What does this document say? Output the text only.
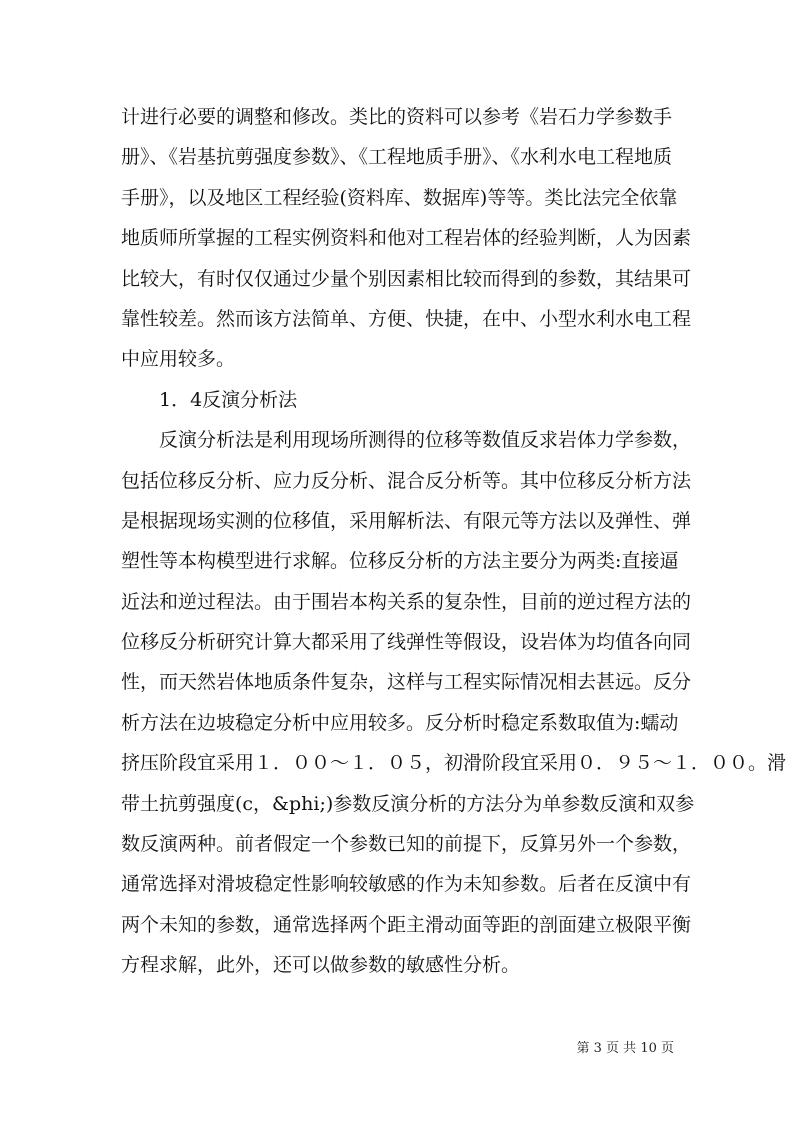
计进行必要的调整和修改。类比的资料可以参考《岩石力学参数手
册》、《岩基抗剪强度参数》、《工程地质手册》、《水利水电工程地质
手册》，以及地区工程经验(资料库、数据库)等等。类比法完全依靠
地质师所掌握的工程实例资料和他对工程岩体的经验判断，人为因素
比较大，有时仅仅通过少量个别因素相比较而得到的参数，其结果可
靠性较差。然而该方法简单、方便、快捷，在中、小型水利水电工程
中应用较多。
1．4反演分析法
　　反演分析法是利用现场所测得的位移等数值反求岩体力学参数，
包括位移反分析、应力反分析、混合反分析等。其中位移反分析方法
是根据现场实测的位移值，采用解析法、有限元等方法以及弹性、弹
塑性等本构模型进行求解。位移反分析的方法主要分为两类:直接逼
近法和逆过程法。由于围岩本构关系的复杂性，目前的逆过程方法的
位移反分析研究计算大都采用了线弹性等假设，设岩体为均值各向同
性，而天然岩体地质条件复杂，这样与工程实际情况相去甚远。反分
析方法在边坡稳定分析中应用较多。反分析时稳定系数取值为:蠕动
挤压阶段宜采用１．００～１．０５，初滑阶段宜采用０．９５～１．００。滑
带土抗剪强度(c，&phi;)参数反演分析的方法分为单参数反演和双参
数反演两种。前者假定一个参数已知的前提下，反算另外一个参数，
通常选择对滑坡稳定性影响较敏感的作为未知参数。后者在反演中有
两个未知的参数，通常选择两个距主滑动面等距的剖面建立极限平衡
方程求解，此外，还可以做参数的敏感性分析。
第 3 页 共 10 页
